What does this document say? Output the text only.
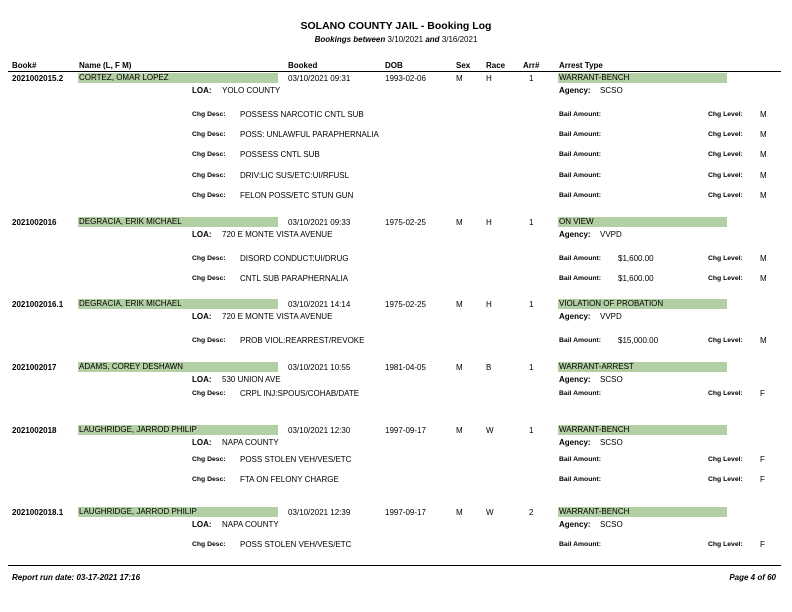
SOLANO COUNTY JAIL - Booking Log
Bookings between 3/10/2021 and 3/16/2021
Book#	Name (L, F M)	Booked	DOB	Sex Race Arr# Arrest Type
2021002015.2 CORTEZ, OMAR LOPEZ	03/10/2021 09:31	1993-02-06	M	H	1	WARRANT-BENCH
LOA: YOLO COUNTY	Agency: SCSO
Chg Desc: POSSESS NARCOTIC CNTL SUB	Bail Amount:	Chg Level: M
Chg Desc: POSS: UNLAWFUL PARAPHERNALIA	Bail Amount:	Chg Level: M
Chg Desc: POSSESS CNTL SUB	Bail Amount:	Chg Level: M
Chg Desc: DRIV:LIC SUS/ETC:UI/RFUSL	Bail Amount:	Chg Level: M
Chg Desc: FELON POSS/ETC STUN GUN	Bail Amount:	Chg Level: M
2021002016	DEGRACIA, ERIK MICHAEL	03/10/2021 09:33	1975-02-25	M	H	1	ON VIEW
LOA: 720 E MONTE VISTA AVENUE	Agency: VVPD
Chg Desc: DISORD CONDUCT:UI/DRUG	Bail Amount: $1,600.00	Chg Level: M
Chg Desc: CNTL SUB PARAPHERNALIA	Bail Amount: $1,600.00	Chg Level: M
2021002016.1 DEGRACIA, ERIK MICHAEL	03/10/2021 14:14	1975-02-25	M	H	1	VIOLATION OF PROBATION
LOA: 720 E MONTE VISTA AVENUE	Agency: VVPD
Chg Desc: PROB VIOL:REARREST/REVOKE	Bail Amount: $15,000.00	Chg Level: M
2021002017	ADAMS, COREY DESHAWN	03/10/2021 10:55	1981-04-05	M	B	1	WARRANT-ARREST
LOA: 530 UNION AVE	Agency: SCSO
Chg Desc: CRPL INJ:SPOUS/COHAB/DATE	Bail Amount:	Chg Level: F
2021002018	LAUGHRIDGE, JARROD PHILIP	03/10/2021 12:30	1997-09-17	M	W	1	WARRANT-BENCH
LOA: NAPA COUNTY	Agency: SCSO
Chg Desc: POSS STOLEN VEH/VES/ETC	Bail Amount:	Chg Level: F
Chg Desc: FTA ON FELONY CHARGE	Bail Amount:	Chg Level: F
2021002018.1 LAUGHRIDGE, JARROD PHILIP	03/10/2021 12:39	1997-09-17	M	W	2	WARRANT-BENCH
LOA: NAPA COUNTY	Agency: SCSO
Chg Desc: POSS STOLEN VEH/VES/ETC	Bail Amount:	Chg Level: F
Report run date: 03-17-2021 17:16	Page 4 of 60
